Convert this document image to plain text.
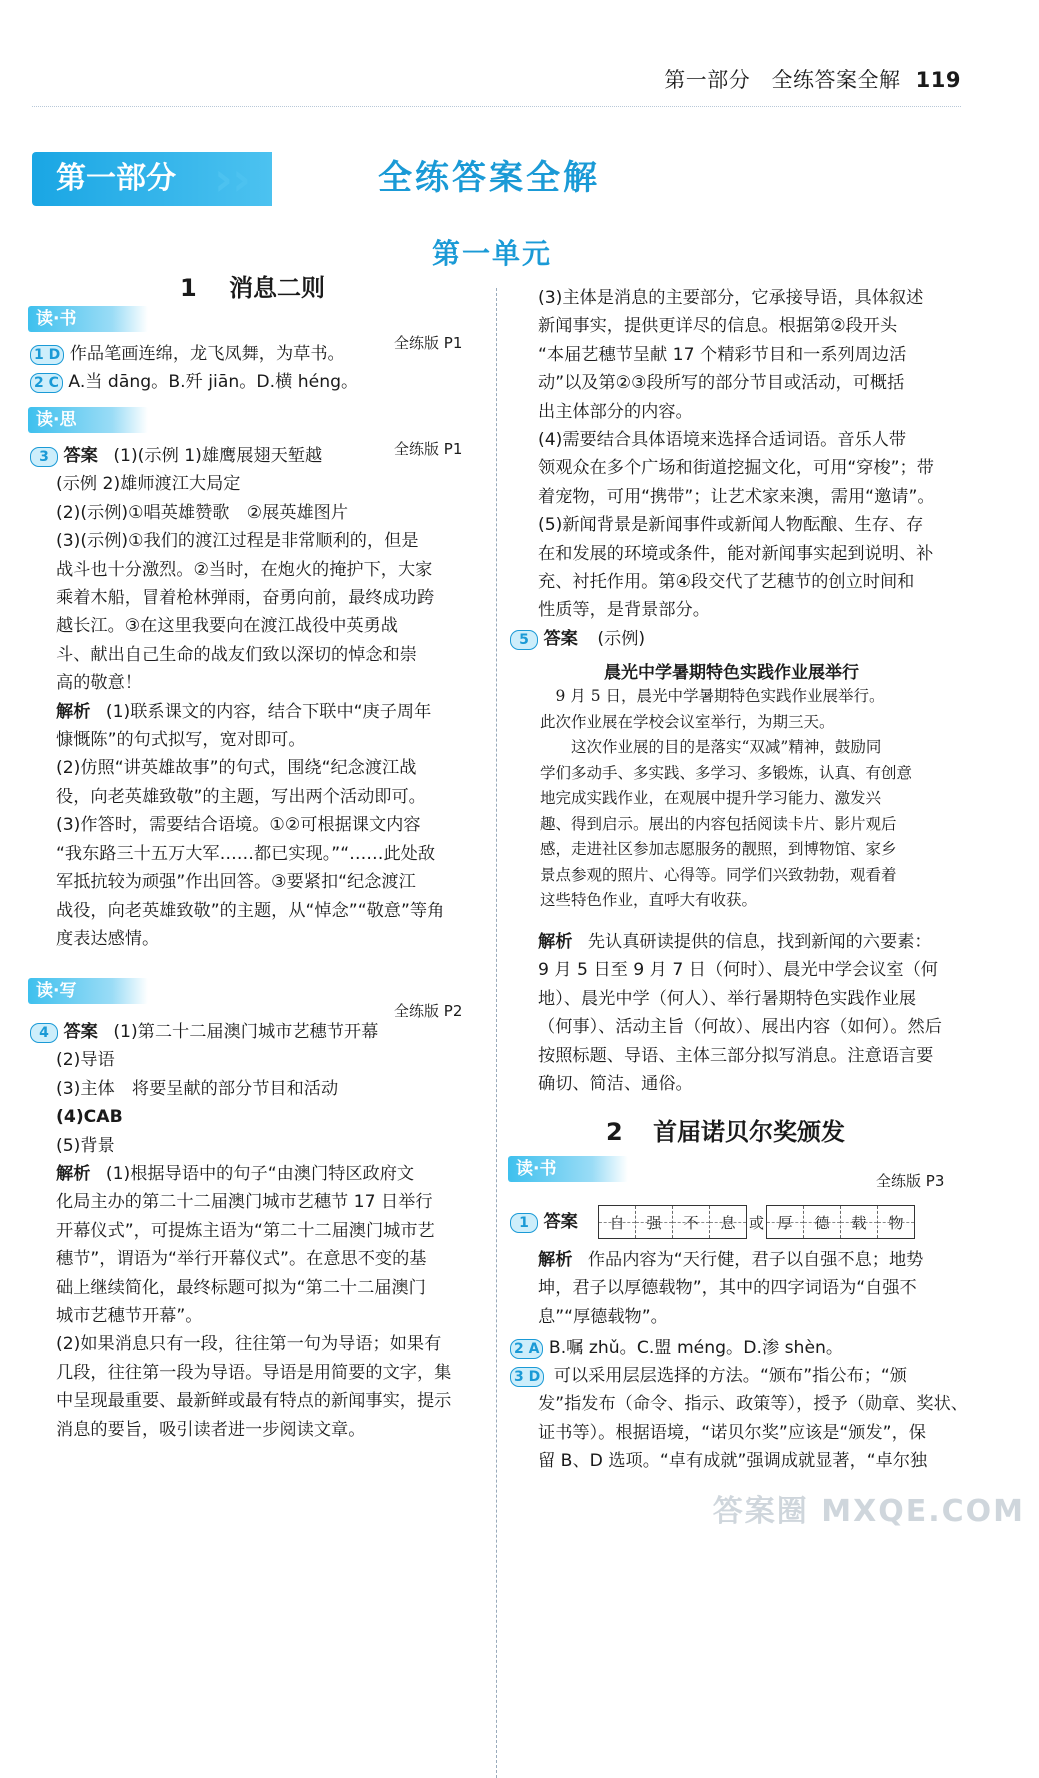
第一部分 全练答案全解 119
第一部分 › ›	全练答案全解
第一单元
1 消息二则
读·书
全练版 P1
1 D 作品笔画连绵，龙飞凤舞，为草书。
2 C A.当 dāng。B.歼 jiān。D.横 héng。
读·思
全练版 P1
3 答案 (1)(示例 1)雄鹰展翅天堑越
(示例 2)雄师渡江大局定
(2)(示例)①唱英雄赞歌　②展英雄图片
(3)(示例)①我们的渡江过程是非常顺利的，但是
战斗也十分激烈。②当时，在炮火的掩护下，大家
乘着木船，冒着枪林弹雨，奋勇向前，最终成功跨
越长江。③在这里我要向在渡江战役中英勇战
斗、献出自己生命的战友们致以深切的悼念和崇
高的敬意！
解析 (1)联系课文的内容，结合下联中“庚子周年
慷慨陈”的句式拟写，宽对即可。
(2)仿照“讲英雄故事”的句式，围绕“纪念渡江战
役，向老英雄致敬”的主题，写出两个活动即可。
(3)作答时，需要结合语境。①②可根据课文内容
“我东路三十五万大军……都已实现。”“……此处敌
军抵抗较为顽强”作出回答。③要紧扣“纪念渡江
战役，向老英雄致敬”的主题，从“悼念”“敬意”等角
度表达感情。
读·写
全练版 P2
4 答案 (1)第二十二届澳门城市艺穗节开幕
(2)导语
(3)主体　将要呈献的部分节目和活动
(4)CAB
(5)背景
解析 (1)根据导语中的句子“由澳门特区政府文
化局主办的第二十二届澳门城市艺穗节 17 日举行
开幕仪式”，可提炼主语为“第二十二届澳门城市艺
穗节”，谓语为“举行开幕仪式”。在意思不变的基
础上继续简化，最终标题可拟为“第二十二届澳门
城市艺穗节开幕”。
(2)如果消息只有一段，往往第一句为导语；如果有
几段，往往第一段为导语。导语是用简要的文字，集
中呈现最重要、最新鲜或最有特点的新闻事实，提示
消息的要旨，吸引读者进一步阅读文章。
(3)主体是消息的主要部分，它承接导语，具体叙述
新闻事实，提供更详尽的信息。根据第②段开头
“本届艺穗节呈献 17 个精彩节目和一系列周边活
动”以及第②③段所写的部分节目或活动，可概括
出主体部分的内容。
(4)需要结合具体语境来选择合适词语。音乐人带
领观众在多个广场和街道挖掘文化，可用“穿梭”；带
着宠物，可用“携带”；让艺术家来澳，需用“邀请”。
(5)新闻背景是新闻事件或新闻人物酝酿、生存、存
在和发展的环境或条件，能对新闻事实起到说明、补
充、衬托作用。第④段交代了艺穗节的创立时间和
性质等，是背景部分。
5 答案 (示例)
晨光中学暑期特色实践作业展举行
　9 月 5 日，晨光中学暑期特色实践作业展举行。
此次作业展在学校会议室举行，为期三天。
　　这次作业展的目的是落实“双减”精神，鼓励同
学们多动手、多实践、多学习、多锻炼，认真、有创意
地完成实践作业，在观展中提升学习能力、激发兴
趣、得到启示。展出的内容包括阅读卡片、影片观后
感，走进社区参加志愿服务的靓照，到博物馆、家乡
景点参观的照片、心得等。同学们兴致勃勃，观看着
这些特色作业，直呼大有收获。
解析 先认真研读提供的信息，找到新闻的六要素：
9 月 5 日至 9 月 7 日（何时）、晨光中学会议室（何
地）、晨光中学（何人）、举行暑期特色实践作业展
（何事）、活动主旨（何故）、展出内容（如何）。然后
按照标题、导语、主体三部分拟写消息。注意语言要
确切、简洁、通俗。
2 首届诺贝尔奖颁发
读·书
全练版 P3
1 答案	自	强	不	息 或 厚	德	载	物
解析 作品内容为“天行健，君子以自强不息；地势
坤，君子以厚德载物”，其中的四字词语为“自强不
息”“厚德载物”。
2 A B.嘱 zhǔ。C.盟 méng。D.渗 shèn。
3 D 可以采用层层选择的方法。“颁布”指公布；“颁
发”指发布（命令、指示、政策等），授予（勋章、奖状、
证书等）。根据语境，“诺贝尔奖”应该是“颁发”，保
留 B、D 选项。“卓有成就”强调成就显著，“卓尔独
答案圈 MXQE.COM
